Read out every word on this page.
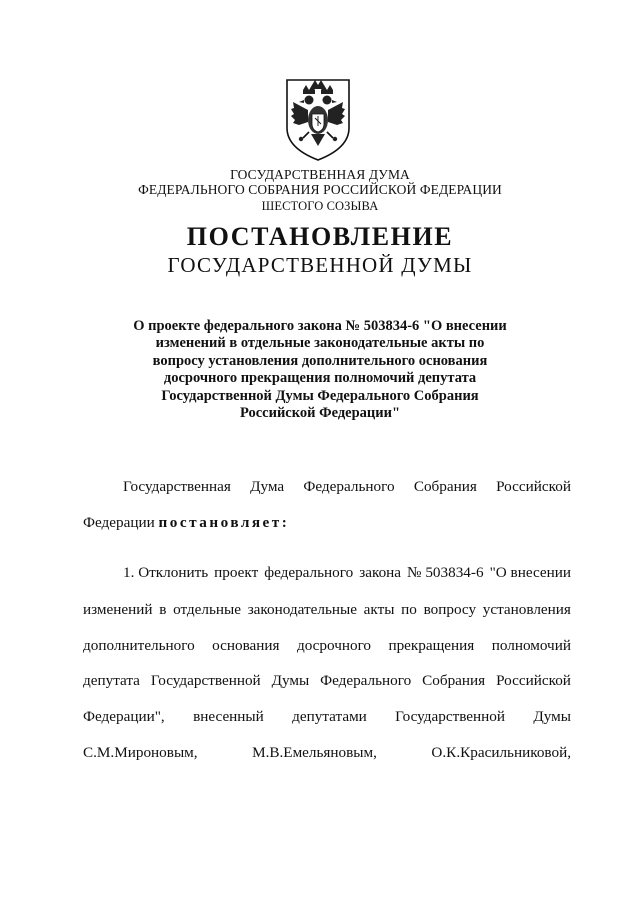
ГОСУДАРСТВЕННАЯ ДУМА
ФЕДЕРАЛЬНОГО СОБРАНИЯ РОССИЙСКОЙ ФЕДЕРАЦИИ
ШЕСТОГО СОЗЫВА
ПОСТАНОВЛЕНИЕ
ГОСУДАРСТВЕННОЙ ДУМЫ
О проекте федерального закона № 503834-6 "О внесении
изменений в отдельные законодательные акты по
вопросу установления дополнительного основания
досрочного прекращения полномочий депутата
Государственной Думы Федерального Собрания
Российской Федерации"
Государственная Дума Федерального Собрания Российской
Федерации постановляет:
1. Отклонить проект федерального закона № 503834-6 "О внесении
изменений в отдельные законодательные акты по вопросу установления
дополнительного основания досрочного прекращения полномочий
депутата Государственной Думы Федерального Собрания Российской
Федерации", внесенный депутатами Государственной Думы
С.М.Мироновым,	М.В.Емельяновым,	О.К.Красильниковой,
